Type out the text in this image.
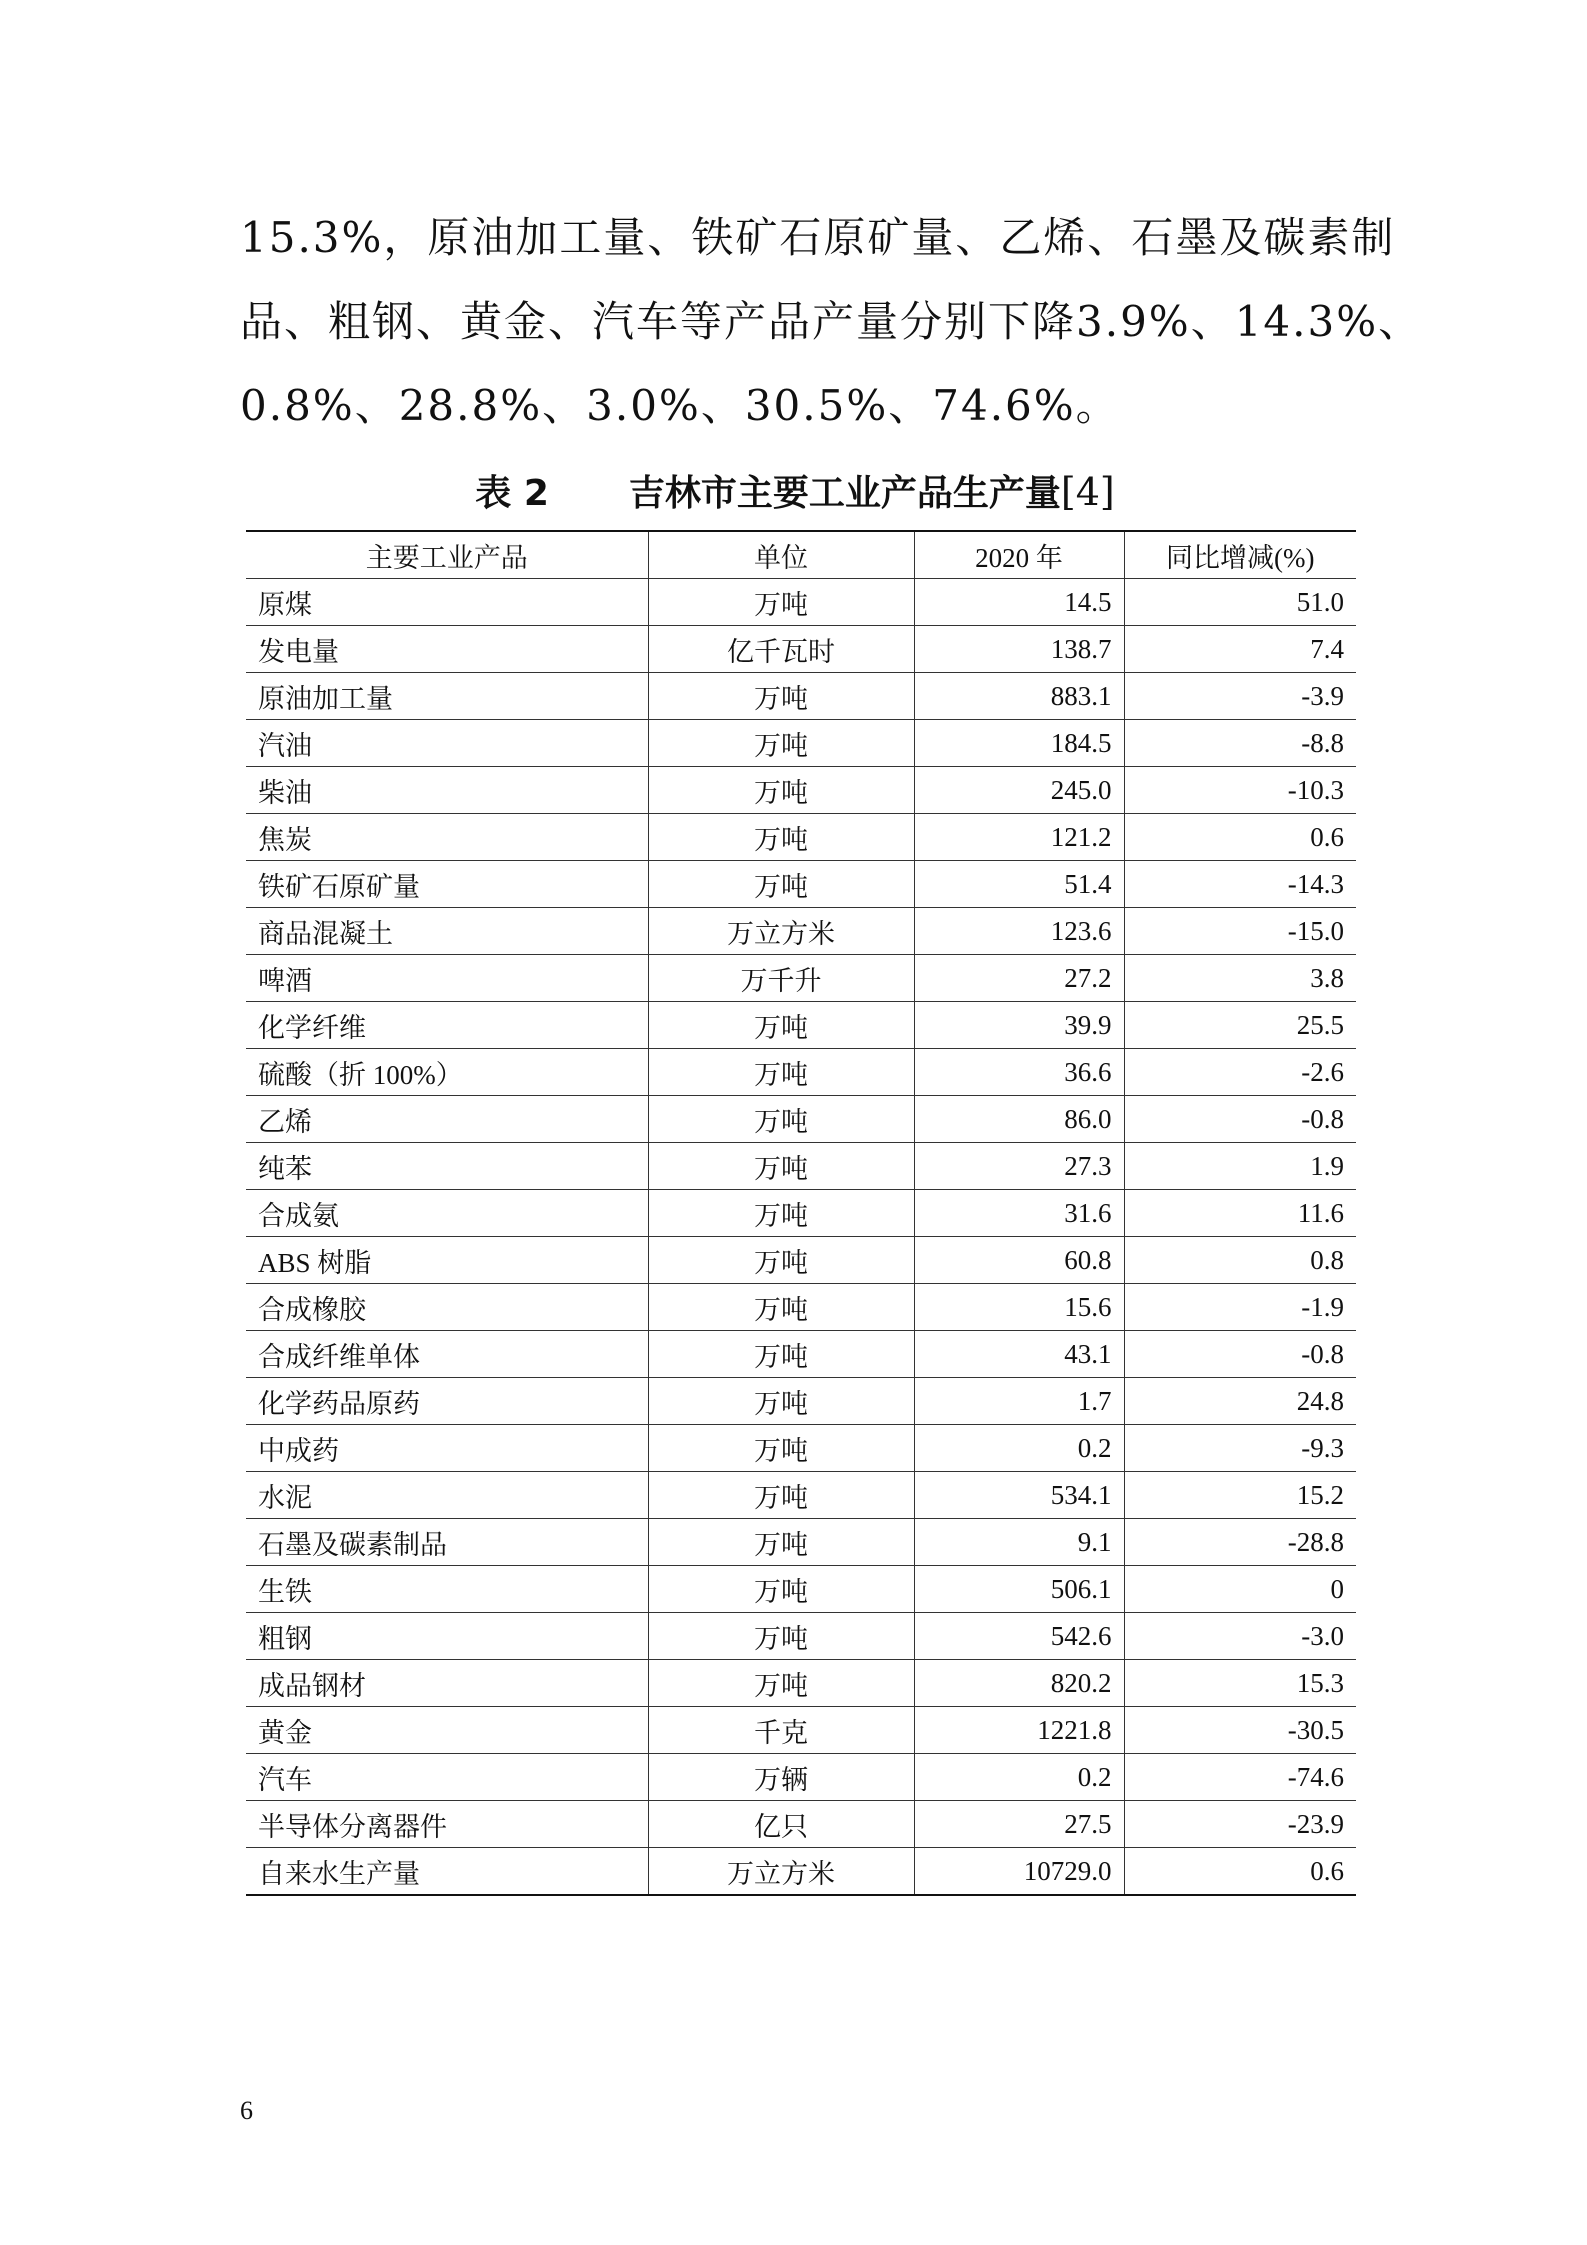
15.3%，原油加工量、铁矿石原矿量、乙烯、石墨及碳素制

品、粗钢、黄金、汽车等产品产量分别下降3.9%、14.3%、

0.8%、28.8%、3.0%、30.5%、74.6%。

表 2 吉林市主要工业产品生产量[4]
主要工业产品	单位	2020 年	同比增减(%)
原煤	万吨	14.5	51.0
发电量	亿千瓦时	138.7	7.4
原油加工量	万吨	883.1	-3.9
汽油	万吨	184.5	-8.8
柴油	万吨	245.0	-10.3
焦炭	万吨	121.2	0.6
铁矿石原矿量	万吨	51.4	-14.3
商品混凝土	万立方米	123.6	-15.0
啤酒	万千升	27.2	3.8
化学纤维	万吨	39.9	25.5
硫酸（折 100%）	万吨	36.6	-2.6
乙烯	万吨	86.0	-0.8
纯苯	万吨	27.3	1.9
合成氨	万吨	31.6	11.6
ABS 树脂	万吨	60.8	0.8
合成橡胶	万吨	15.6	-1.9
合成纤维单体	万吨	43.1	-0.8
化学药品原药	万吨	1.7	24.8
中成药	万吨	0.2	-9.3
水泥	万吨	534.1	15.2
石墨及碳素制品	万吨	9.1	-28.8
生铁	万吨	506.1	0
粗钢	万吨	542.6	-3.0
成品钢材	万吨	820.2	15.3
黄金	千克	1221.8	-30.5
汽车	万辆	0.2	-74.6
半导体分离器件	亿只	27.5	-23.9
自来水生产量	万立方米	10729.0	0.6
6
